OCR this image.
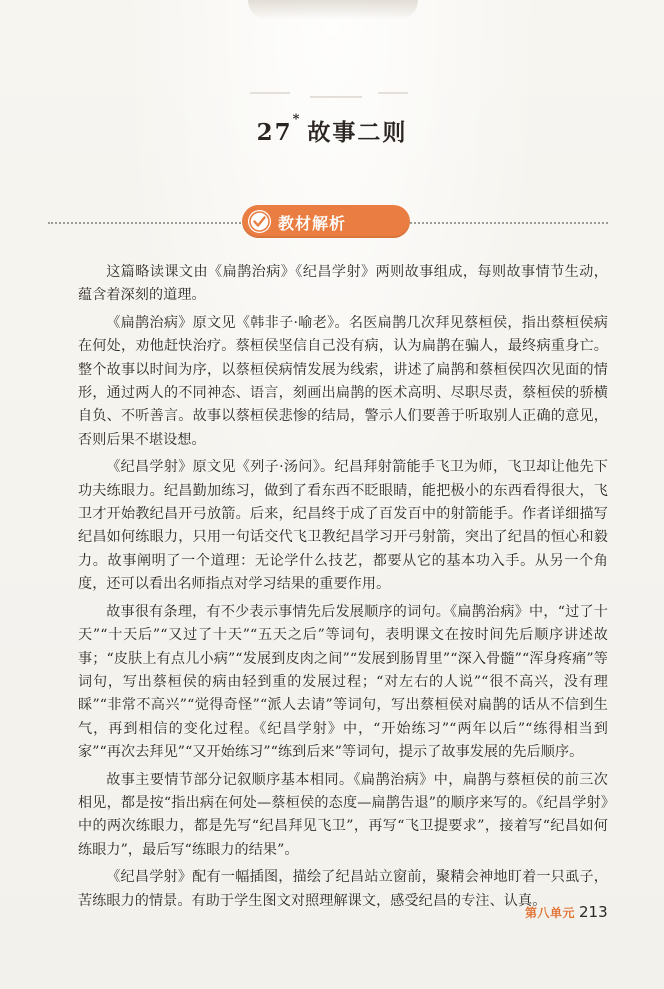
27* 故事二则
教材解析

这篇略读课文由《扁鹊治病》《纪昌学射》两则故事组成，每则故事情节生动，蕴含着深刻的道理。

《扁鹊治病》原文见《韩非子·喻老》。名医扁鹊几次拜见蔡桓侯，指出蔡桓侯病在何处，劝他赶快治疗。蔡桓侯坚信自己没有病，认为扁鹊在骗人，最终病重身亡。整个故事以时间为序，以蔡桓侯病情发展为线索，讲述了扁鹊和蔡桓侯四次见面的情形，通过两人的不同神态、语言，刻画出扁鹊的医术高明、尽职尽责，蔡桓侯的骄横自负、不听善言。故事以蔡桓侯悲惨的结局，警示人们要善于听取别人正确的意见，否则后果不堪设想。

《纪昌学射》原文见《列子·汤问》。纪昌拜射箭能手飞卫为师，飞卫却让他先下功夫练眼力。纪昌勤加练习，做到了看东西不眨眼睛，能把极小的东西看得很大，飞卫才开始教纪昌开弓放箭。后来，纪昌终于成了百发百中的射箭能手。作者详细描写纪昌如何练眼力，只用一句话交代飞卫教纪昌学习开弓射箭，突出了纪昌的恒心和毅力。故事阐明了一个道理：无论学什么技艺，都要从它的基本功入手。从另一个角度，还可以看出名师指点对学习结果的重要作用。

故事很有条理，有不少表示事情先后发展顺序的词句。《扁鹊治病》中，“过了十天”“十天后”“又过了十天”“五天之后”等词句，表明课文在按时间先后顺序讲述故事；“皮肤上有点儿小病”“发展到皮肉之间”“发展到肠胃里”“深入骨髓”“浑身疼痛”等词句，写出蔡桓侯的病由轻到重的发展过程；“对左右的人说”“很不高兴，没有理睬”“非常不高兴”“觉得奇怪”“派人去请”等词句，写出蔡桓侯对扁鹊的话从不信到生气，再到相信的变化过程。《纪昌学射》中，“开始练习”“两年以后”“练得相当到家”“再次去拜见”“又开始练习”“练到后来”等词句，提示了故事发展的先后顺序。

故事主要情节部分记叙顺序基本相同。《扁鹊治病》中，扁鹊与蔡桓侯的前三次相见，都是按“指出病在何处—蔡桓侯的态度—扁鹊告退”的顺序来写的。《纪昌学射》中的两次练眼力，都是先写“纪昌拜见飞卫”，再写“飞卫提要求”，接着写“纪昌如何练眼力”，最后写“练眼力的结果”。

《纪昌学射》配有一幅插图，描绘了纪昌站立窗前，聚精会神地盯着一只虱子，苦练眼力的情景。有助于学生图文对照理解课文，感受纪昌的专注、认真。

第八单元 213
